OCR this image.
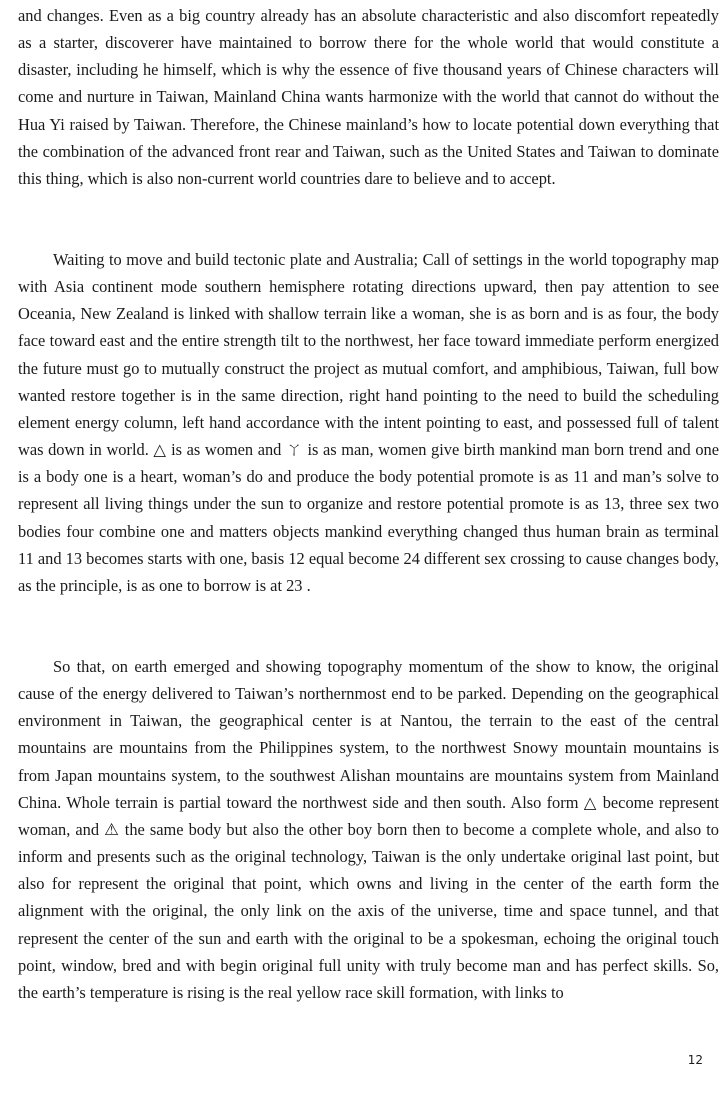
and changes. Even as a big country already has an absolute characteristic and also discomfort repeatedly as a starter, discoverer have maintained to borrow there for the whole world that would constitute a disaster, including he himself, which is why the essence of five thousand years of Chinese characters will come and nurture in Taiwan, Mainland China wants harmonize with the world that cannot do without the Hua Yi raised by Taiwan. Therefore, the Chinese mainland’s how to locate potential down everything that the combination of the advanced front rear and Taiwan, such as the United States and Taiwan to dominate this thing, which is also non-current world countries dare to believe and to accept.

Waiting to move and build tectonic plate and Australia; Call of settings in the world topography map with Asia continent mode southern hemisphere rotating directions upward, then pay attention to see Oceania, New Zealand is linked with shallow terrain like a woman, she is as born and is as four, the body face toward east and the entire strength tilt to the northwest, her face toward immediate perform energized the future must go to mutually construct the project as mutual comfort, and amphibious, Taiwan, full bow wanted restore together is in the same direction, right hand pointing to the need to build the scheduling element energy column, left hand accordance with the intent pointing to east, and possessed full of talent was down in world. △ is as women and ㄚ is as man, women give birth mankind man born trend and one is a body one is a heart, woman’s do and produce the body potential promote is as 11 and man’s solve to represent all living things under the sun to organize and restore potential promote is as 13, three sex two bodies four combine one and matters objects mankind everything changed thus human brain as terminal 11 and 13 becomes starts with one, basis 12 equal become 24 different sex crossing to cause changes body, as the principle, is as one to borrow is at 23 .

So that, on earth emerged and showing topography momentum of the show to know, the original cause of the energy delivered to Taiwan’s northernmost end to be parked. Depending on the geographical environment in Taiwan, the geographical center is at Nantou, the terrain to the east of the central mountains are mountains from the Philippines system, to the northwest Snowy mountain mountains is from Japan mountains system, to the southwest Alishan mountains are mountains system from Mainland China. Whole terrain is partial toward the northwest side and then south. Also form △ become represent woman, and ⚠ the same body but also the other boy born then to become a complete whole, and also to inform and presents such as the original technology, Taiwan is the only undertake original last point, but also for represent the original that point, which owns and living in the center of the earth form the alignment with the original, the only link on the axis of the universe, time and space tunnel, and that represent the center of the sun and earth with the original to be a spokesman, echoing the original touch point, window, bred and with begin original full unity with truly become man and has perfect skills. So, the earth’s temperature is rising is the real yellow race skill formation, with links to

12
